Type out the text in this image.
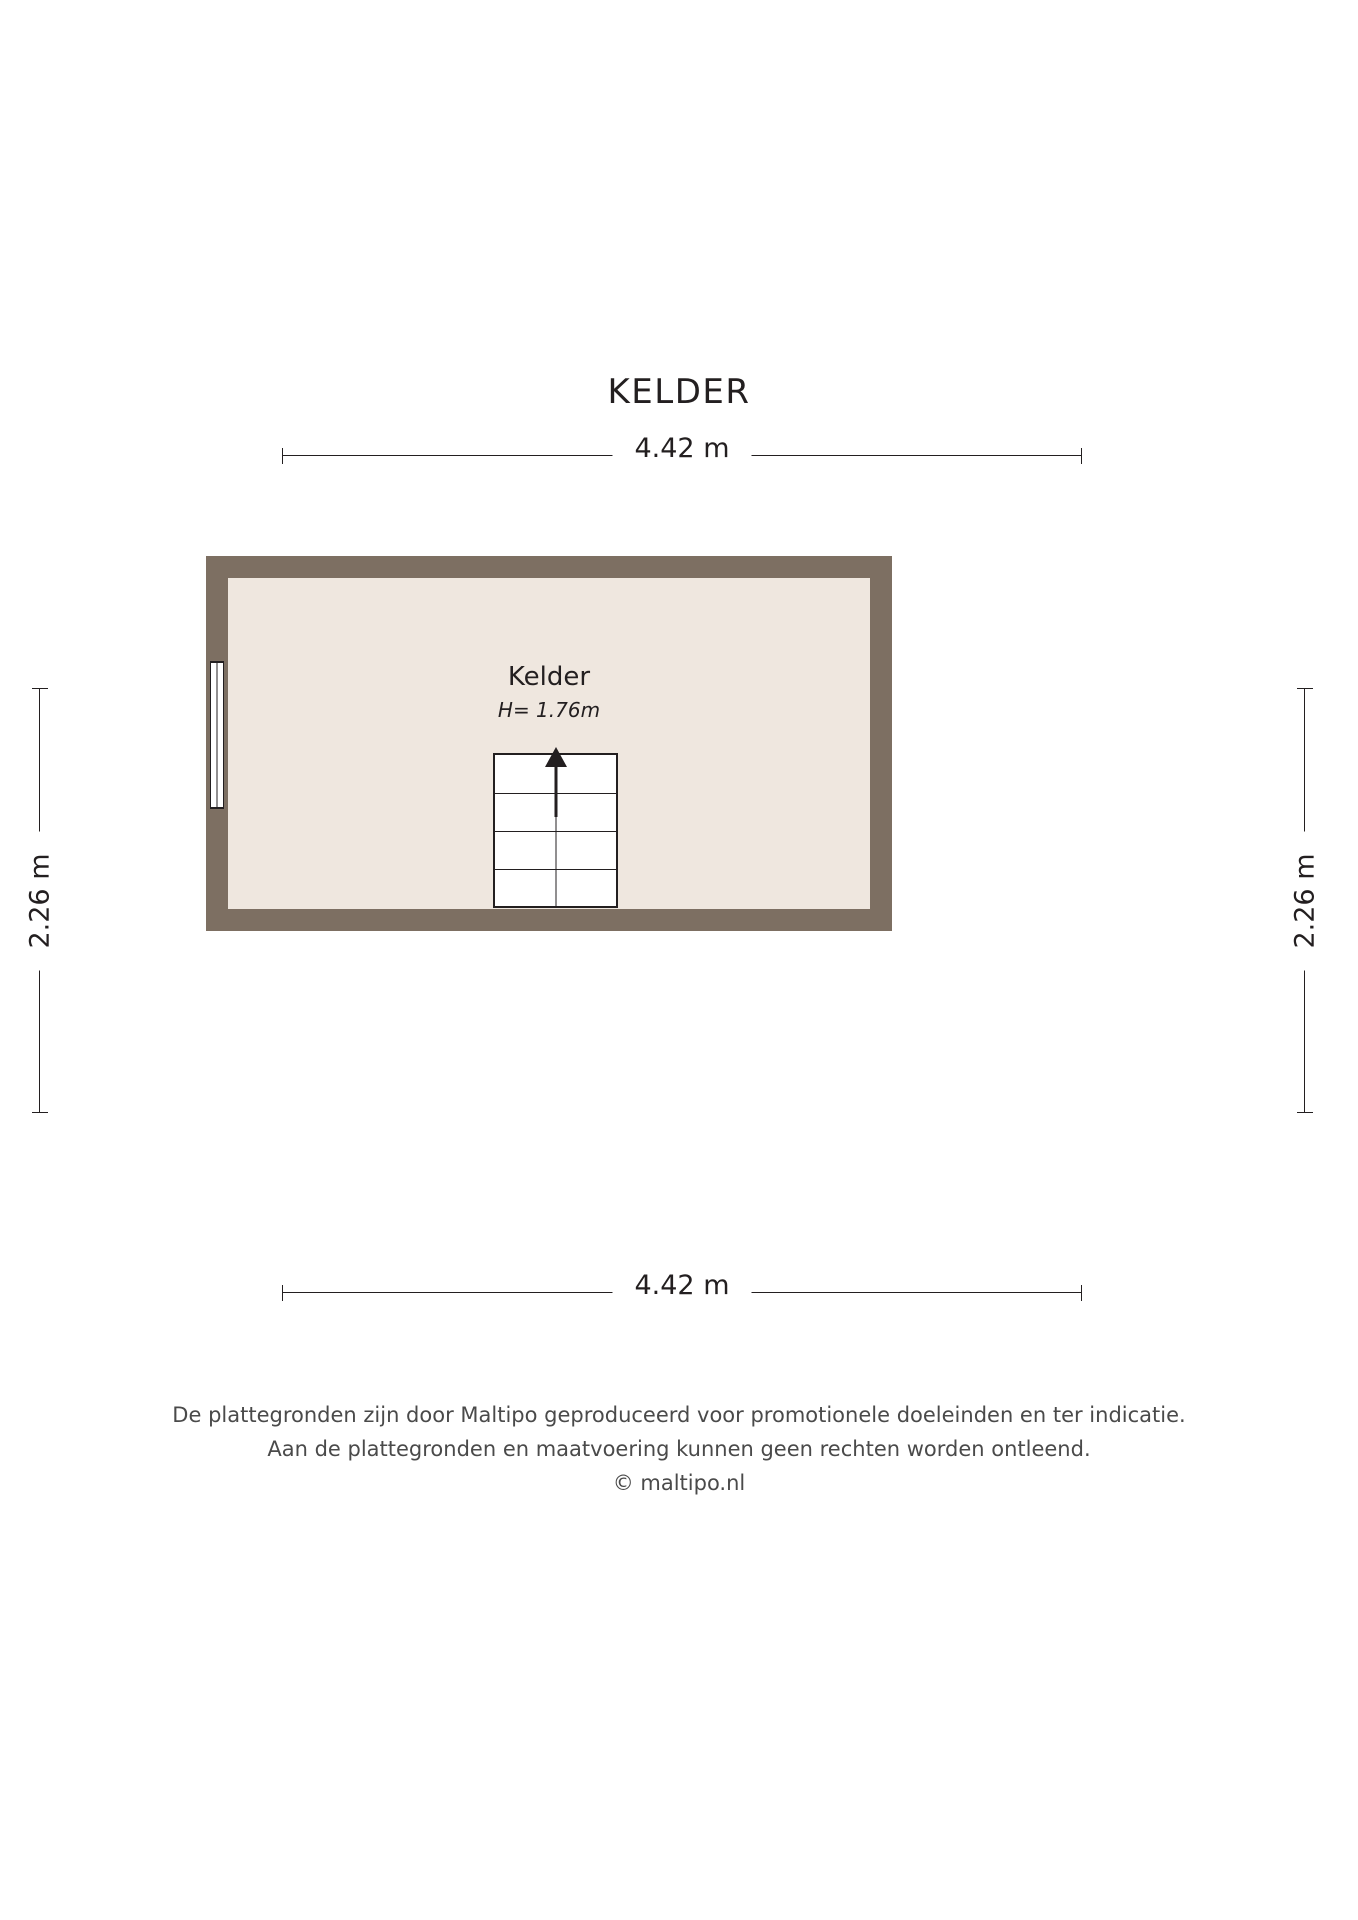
KELDER
4.42 m
2.26 m	2.26 m
Kelder
H= 1.76m
4.42 m
De plattegronden zijn door Maltipo geproduceerd voor promotionele doeleinden en ter indicatie.
Aan de plattegronden en maatvoering kunnen geen rechten worden ontleend.
© maltipo.nl
